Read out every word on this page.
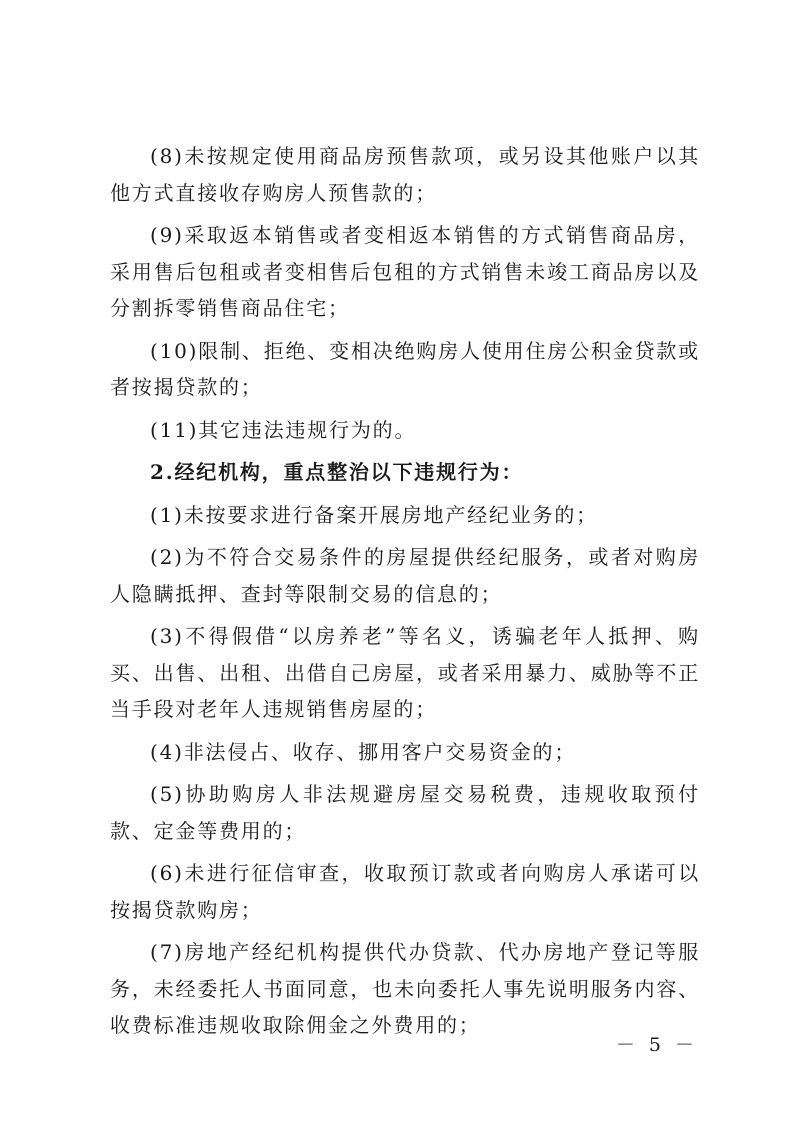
(8)未按规定使用商品房预售款项，或另设其他账户以其他方式直接收存购房人预售款的；

(9)采取返本销售或者变相返本销售的方式销售商品房，采用售后包租或者变相售后包租的方式销售未竣工商品房以及分割拆零销售商品住宅；

(10)限制、拒绝、变相决绝购房人使用住房公积金贷款或者按揭贷款的；

(11)其它违法违规行为的。

2.经纪机构，重点整治以下违规行为：

(1)未按要求进行备案开展房地产经纪业务的；

(2)为不符合交易条件的房屋提供经纪服务，或者对购房人隐瞒抵押、查封等限制交易的信息的；

(3)不得假借“以房养老”等名义，诱骗老年人抵押、购买、出售、出租、出借自己房屋，或者采用暴力、威胁等不正当手段对老年人违规销售房屋的；

(4)非法侵占、收存、挪用客户交易资金的；

(5)协助购房人非法规避房屋交易税费，违规收取预付款、定金等费用的；

(6)未进行征信审查，收取预订款或者向购房人承诺可以按揭贷款购房；

(7)房地产经纪机构提供代办贷款、代办房地产登记等服务，未经委托人书面同意，也未向委托人事先说明服务内容、收费标准违规收取除佣金之外费用的；

－ 5 －
